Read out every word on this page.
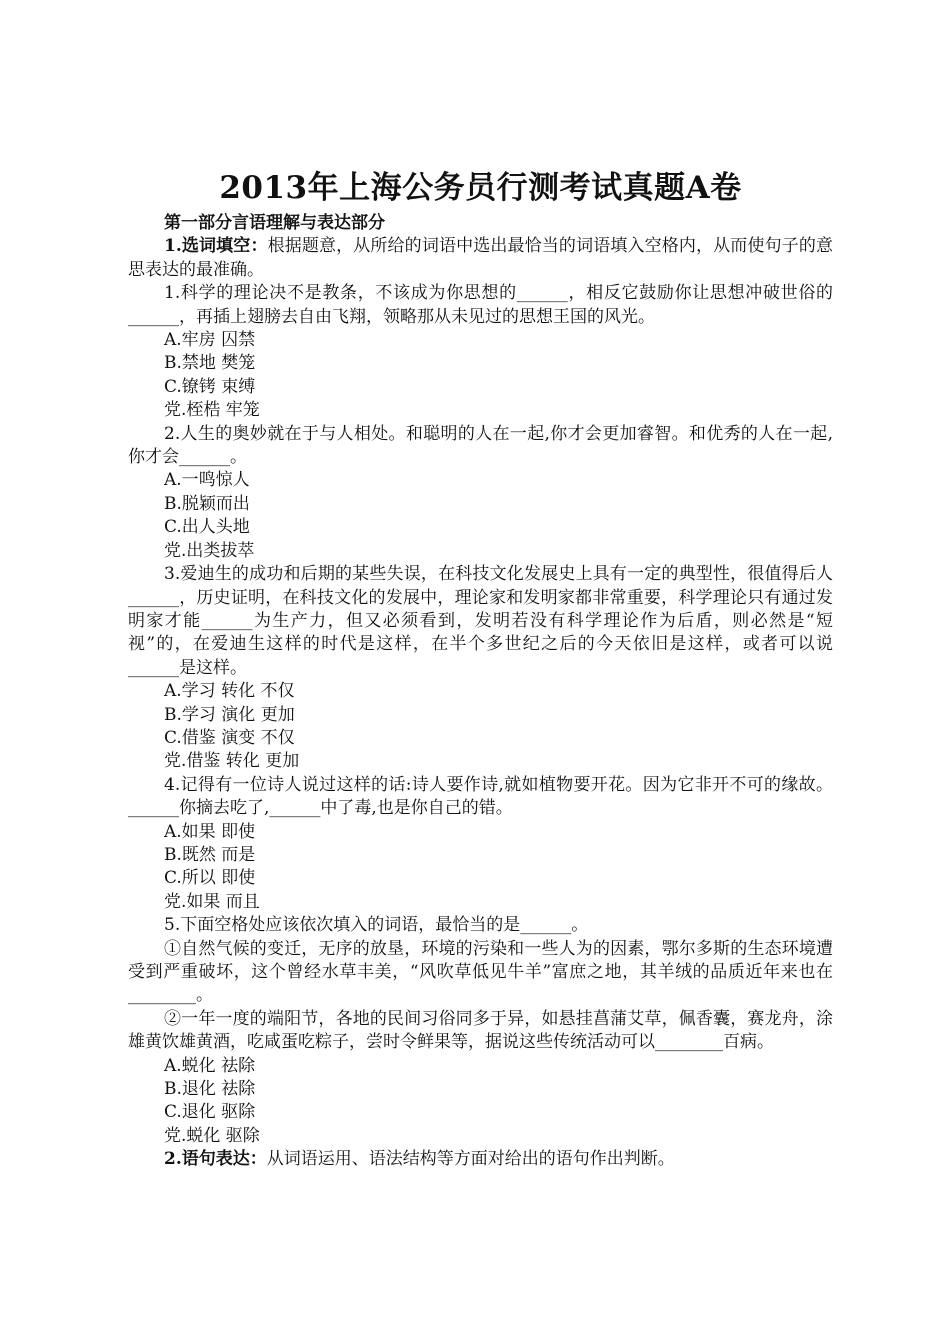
2013年上海公务员行测考试真题A卷

第一部分言语理解与表达部分

1.选词填空：根据题意，从所给的词语中选出最恰当的词语填入空格内，从而使句子的意思表达的最准确。

1.科学的理论决不是教条，不该成为你思想的______，相反它鼓励你让思想冲破世俗的______，再插上翅膀去自由飞翔，领略那从未见过的思想王国的风光。

A.牢房 囚禁

B.禁地 樊笼

C.镣铐 束缚

党.桎梏 牢笼

2.人生的奥妙就在于与人相处。和聪明的人在一起,你才会更加睿智。和优秀的人在一起,你才会______。

A.一鸣惊人

B.脱颖而出

C.出人头地

党.出类拔萃

3.爱迪生的成功和后期的某些失误，在科技文化发展史上具有一定的典型性，很值得后人______，历史证明，在科技文化的发展中，理论家和发明家都非常重要，科学理论只有通过发明家才能______为生产力，但又必须看到，发明若没有科学理论作为后盾，则必然是“短视”的，在爱迪生这样的时代是这样，在半个多世纪之后的今天依旧是这样，或者可以说______是这样。

A.学习 转化 不仅

B.学习 演化 更加

C.借鉴 演变 不仅

党.借鉴 转化 更加

4.记得有一位诗人说过这样的话:诗人要作诗,就如植物要开花。因为它非开不可的缘故。______你摘去吃了,______中了毒,也是你自己的错。

A.如果 即使

B.既然 而是

C.所以 即使

党.如果 而且

5.下面空格处应该依次填入的词语，最恰当的是______。

①自然气候的变迁，无序的放垦，环境的污染和一些人为的因素，鄂尔多斯的生态环境遭受到严重破坏，这个曾经水草丰美，“风吹草低见牛羊”富庶之地，其羊绒的品质近年来也在________。

②一年一度的端阳节，各地的民间习俗同多于异，如悬挂菖蒲艾草，佩香囊，赛龙舟，涂雄黄饮雄黄酒，吃咸蛋吃粽子，尝时令鲜果等，据说这些传统活动可以________百病。

A.蜕化 祛除

B.退化 祛除

C.退化 驱除

党.蜕化 驱除

2.语句表达：从词语运用、语法结构等方面对给出的语句作出判断。
